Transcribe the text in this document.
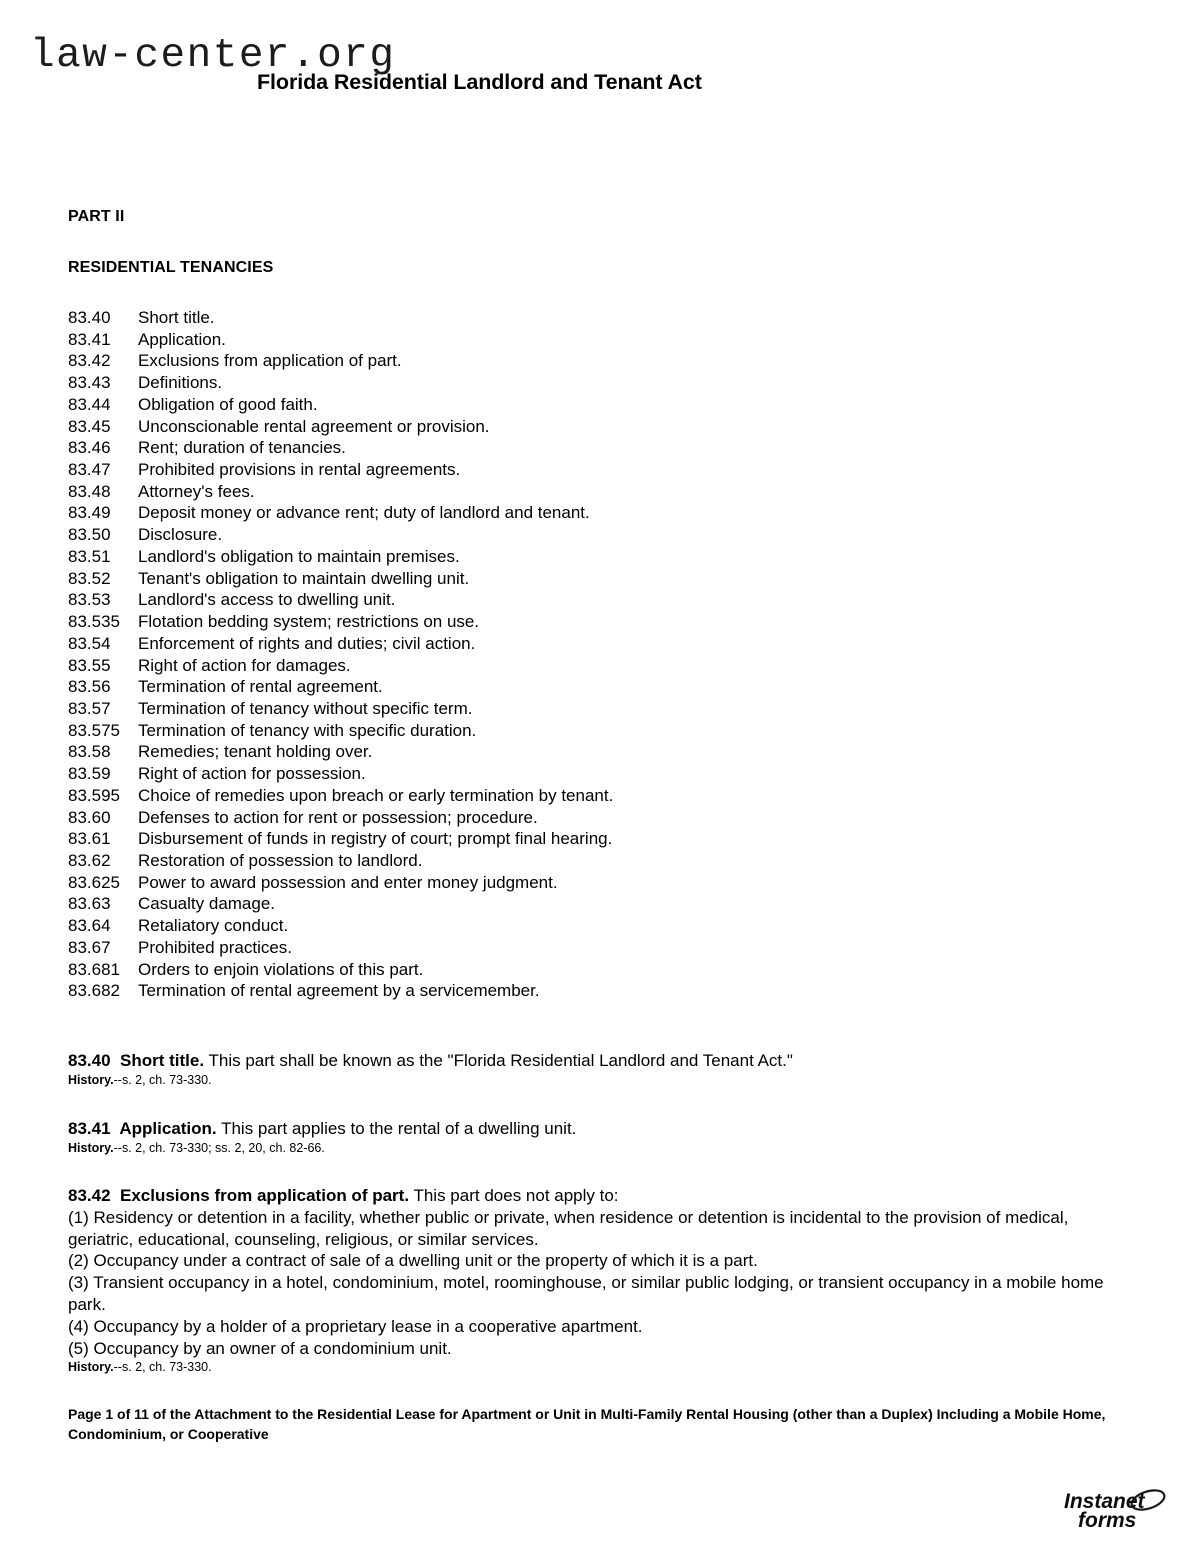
law-center.org
Florida Residential Landlord and Tenant Act
PART II
RESIDENTIAL TENANCIES
83.40 Short title.
83.41 Application.
83.42 Exclusions from application of part.
83.43 Definitions.
83.44 Obligation of good faith.
83.45 Unconscionable rental agreement or provision.
83.46 Rent; duration of tenancies.
83.47 Prohibited provisions in rental agreements.
83.48 Attorney's fees.
83.49 Deposit money or advance rent; duty of landlord and tenant.
83.50 Disclosure.
83.51 Landlord's obligation to maintain premises.
83.52 Tenant's obligation to maintain dwelling unit.
83.53 Landlord's access to dwelling unit.
83.535 Flotation bedding system; restrictions on use.
83.54 Enforcement of rights and duties; civil action.
83.55 Right of action for damages.
83.56 Termination of rental agreement.
83.57 Termination of tenancy without specific term.
83.575 Termination of tenancy with specific duration.
83.58 Remedies; tenant holding over.
83.59 Right of action for possession.
83.595 Choice of remedies upon breach or early termination by tenant.
83.60 Defenses to action for rent or possession; procedure.
83.61 Disbursement of funds in registry of court; prompt final hearing.
83.62 Restoration of possession to landlord.
83.625 Power to award possession and enter money judgment.
83.63 Casualty damage.
83.64 Retaliatory conduct.
83.67 Prohibited practices.
83.681 Orders to enjoin violations of this part.
83.682 Termination of rental agreement by a servicemember.

83.40 Short title. This part shall be known as the "Florida Residential Landlord and Tenant Act."

History.--s. 2, ch. 73-330.

83.41 Application. This part applies to the rental of a dwelling unit.

History.--s. 2, ch. 73-330; ss. 2, 20, ch. 82-66.

83.42 Exclusions from application of part. This part does not apply to:

(1) Residency or detention in a facility, whether public or private, when residence or detention is incidental to the provision of medical, geriatric, educational, counseling, religious, or similar services.

(2) Occupancy under a contract of sale of a dwelling unit or the property of which it is a part.

(3) Transient occupancy in a hotel, condominium, motel, roominghouse, or similar public lodging, or transient occupancy in a mobile home park.

(4) Occupancy by a holder of a proprietary lease in a cooperative apartment.

(5) Occupancy by an owner of a condominium unit.

History.--s. 2, ch. 73-330.

Page 1 of 11 of the Attachment to the Residential Lease for Apartment or Unit in Multi-Family Rental Housing (other than a Duplex) Including a Mobile Home, Condominium, or Cooperative
Instanet
forms
